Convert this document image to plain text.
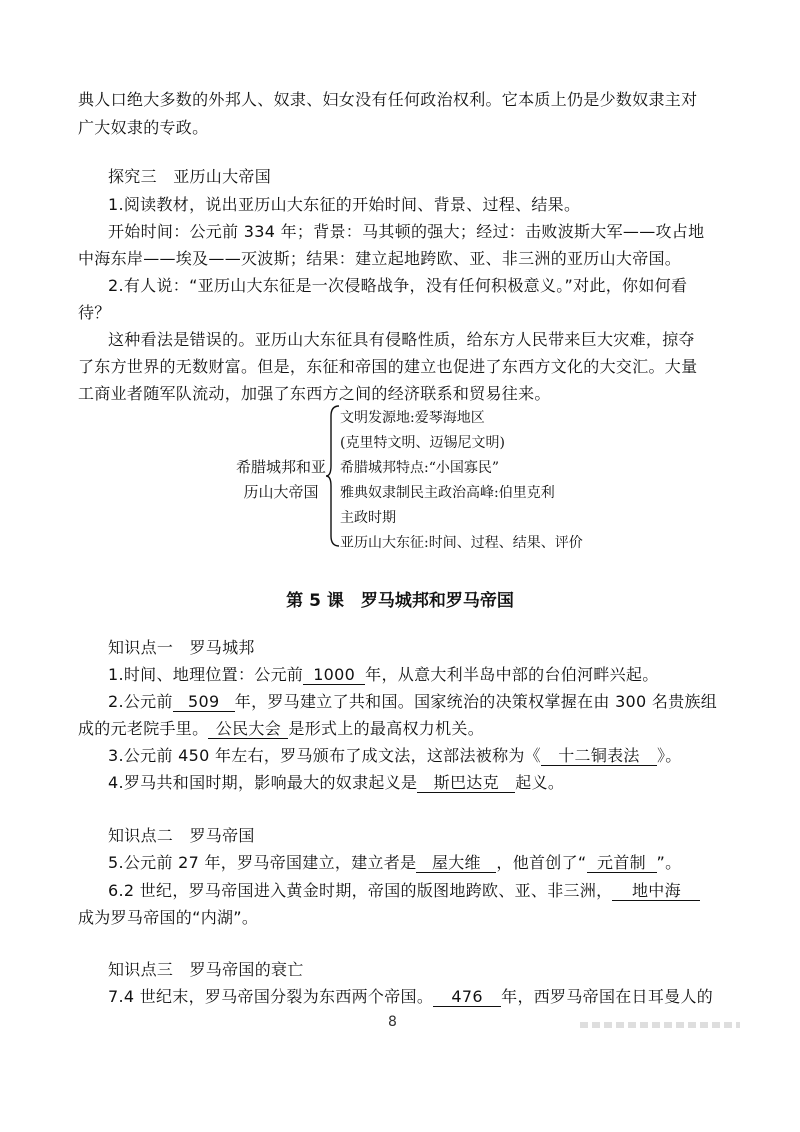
典人口绝大多数的外邦人、奴隶、妇女没有任何政治权利。它本质上仍是少数奴隶主对
广大奴隶的专政。
探究三　亚历山大帝国
1.阅读教材，说出亚历山大东征的开始时间、背景、过程、结果。
开始时间：公元前 334 年；背景：马其顿的强大；经过：击败波斯大军——攻占地
中海东岸——埃及——灭波斯；结果：建立起地跨欧、亚、非三洲的亚历山大帝国。
2.有人说：“亚历山大东征是一次侵略战争，没有任何积极意义。”对此，你如何看
待？
这种看法是错误的。亚历山大东征具有侵略性质，给东方人民带来巨大灾难，掠夺
了东方世界的无数财富。但是，东征和帝国的建立也促进了东西方文化的大交汇。大量
工商业者随军队流动，加强了东西方之间的经济联系和贸易往来。
希腊城邦和亚
历山大帝国
文明发源地:爱琴海地区
(克里特文明、迈锡尼文明)
希腊城邦特点:“小国寡民”
雅典奴隶制民主政治高峰:伯里克利
主政时期
亚历山大东征:时间、过程、结果、评价
第 5 课　罗马城邦和罗马帝国
知识点一　罗马城邦
1.时间、地理位置：公元前 1000 年，从意大利半岛中部的台伯河畔兴起。
2.公元前 509 年，罗马建立了共和国。国家统治的决策权掌握在由 300 名贵族组
成的元老院手里。 公民大会 是形式上的最高权力机关。
3.公元前 450 年左右，罗马颁布了成文法，这部法被称为《 十二铜表法 》。
4.罗马共和国时期，影响最大的奴隶起义是 斯巴达克 起义。
知识点二　罗马帝国
5.公元前 27 年，罗马帝国建立，建立者是 屋大维 ，他首创了“ 元首制 ”。
6.2 世纪，罗马帝国进入黄金时期，帝国的版图地跨欧、亚、非三洲， 地中海
成为罗马帝国的“内湖”。
知识点三　罗马帝国的衰亡
7.4 世纪末，罗马帝国分裂为东西两个帝国。 476 年，西罗马帝国在日耳曼人的
8
